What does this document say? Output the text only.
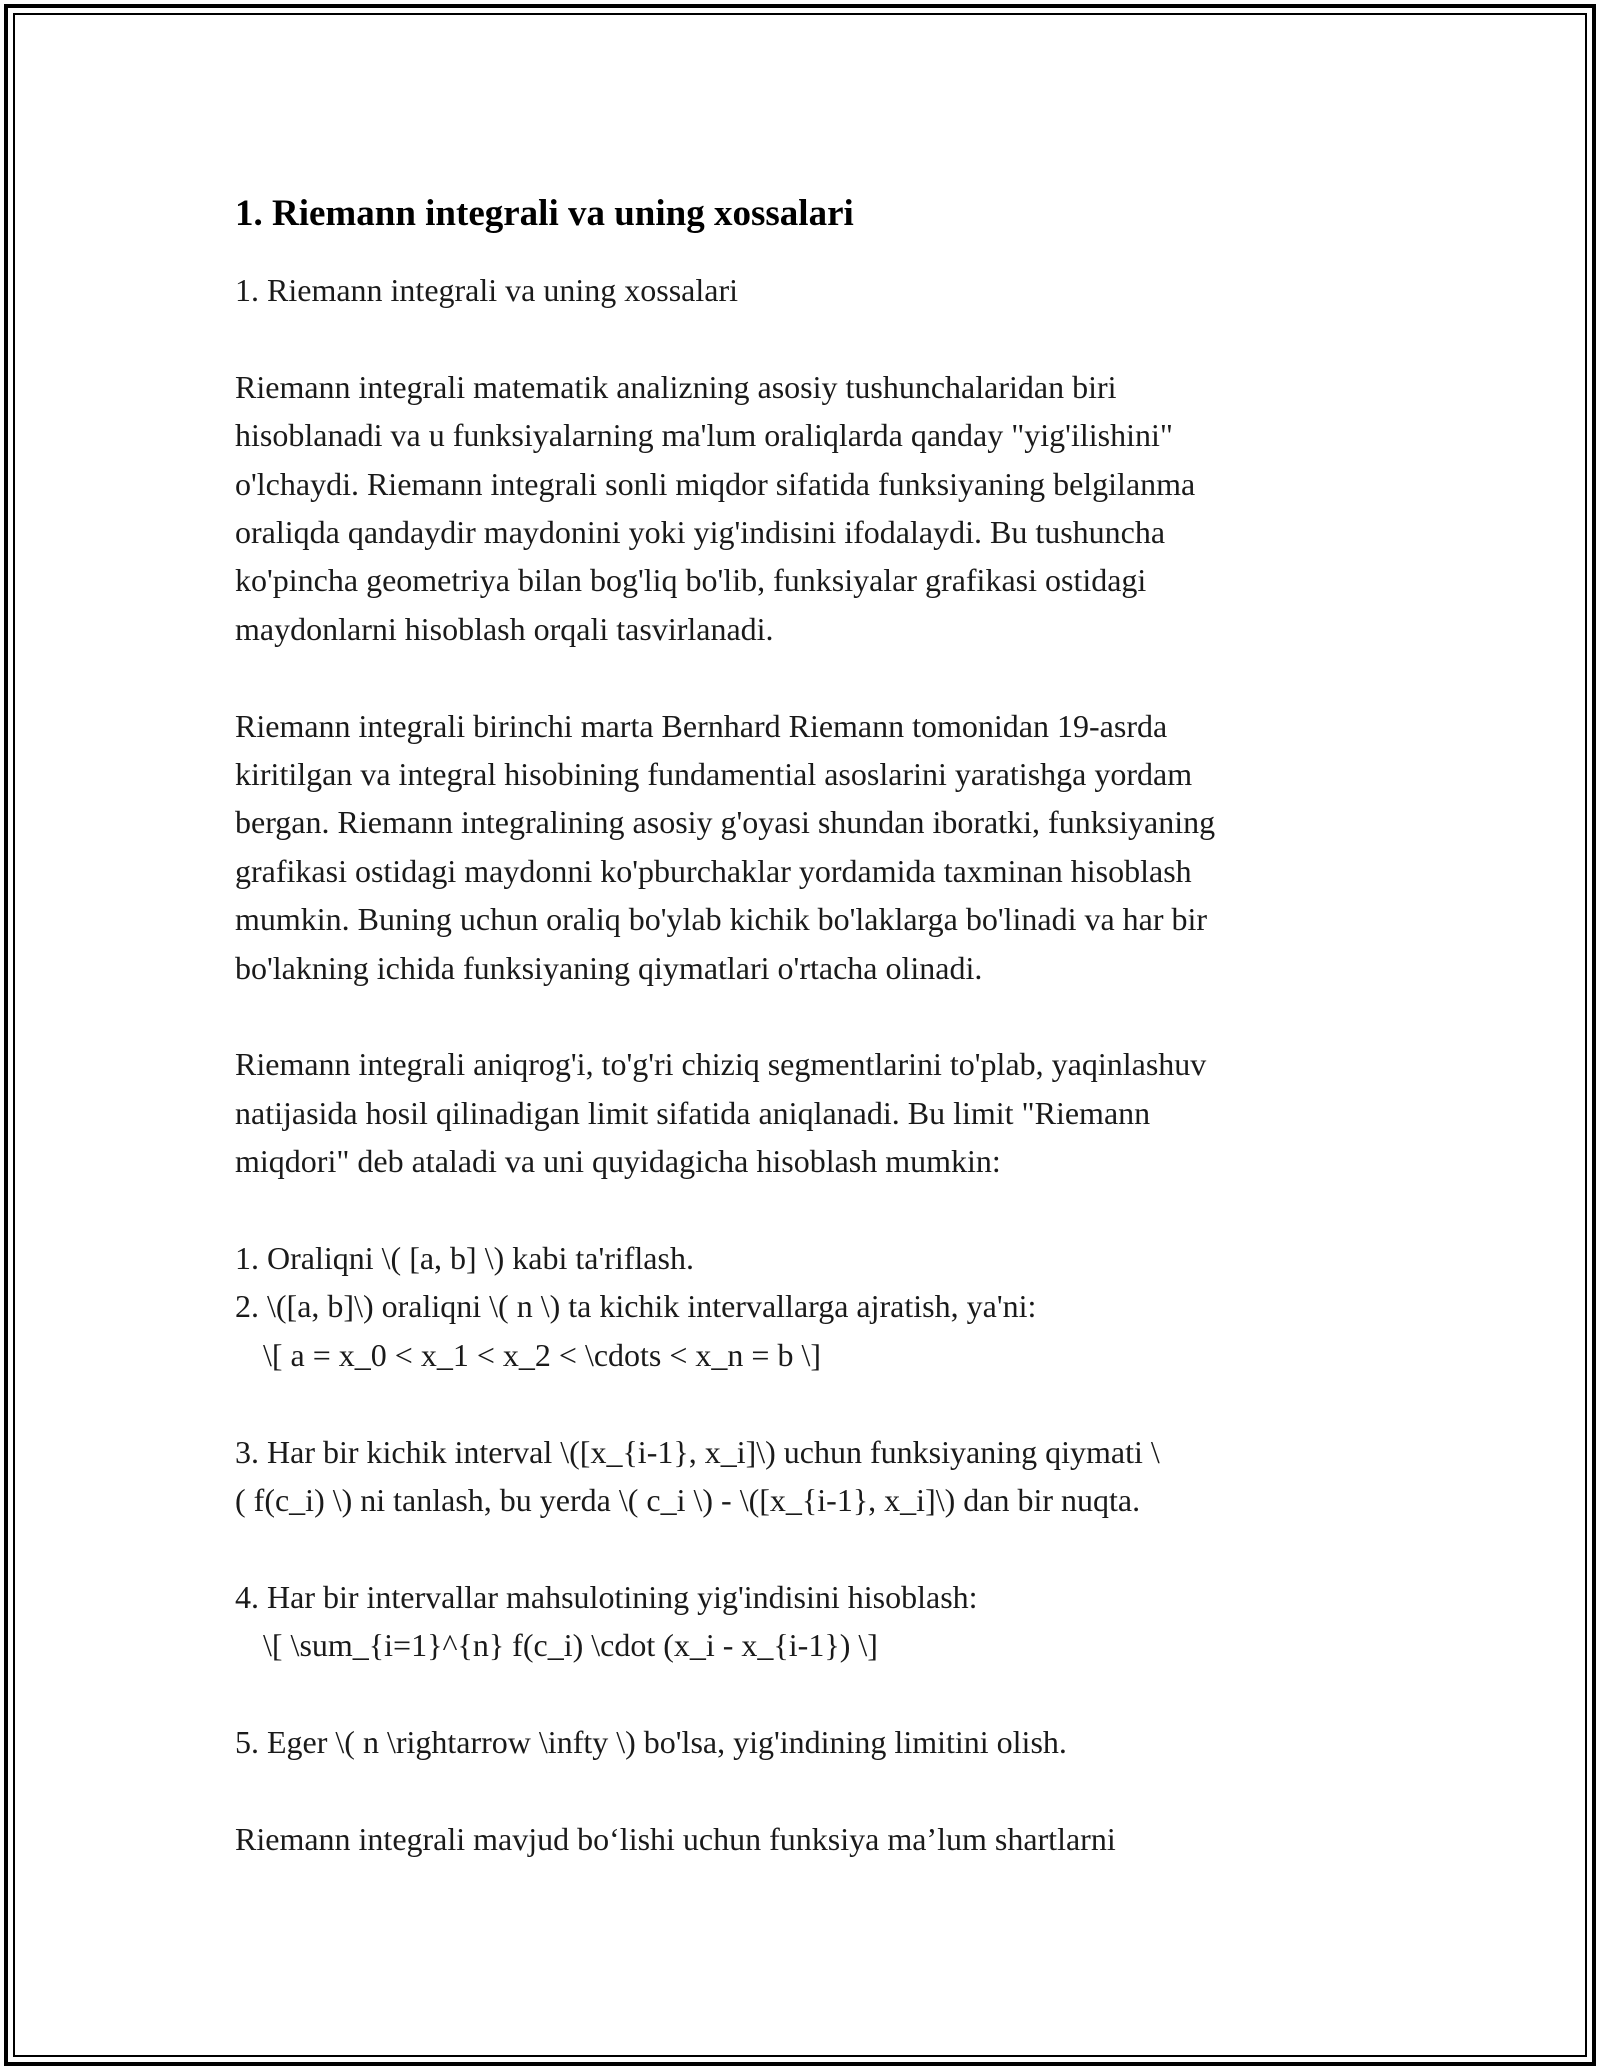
1. Riemann integrali va uning xossalari

1. Riemann integrali va uning xossalari

Riemann integrali matematik analizning asosiy tushunchalaridan biri
hisoblanadi va u funksiyalarning ma'lum oraliqlarda qanday "yig'ilishini"
o'lchaydi. Riemann integrali sonli miqdor sifatida funksiyaning belgilanma
oraliqda qandaydir maydonini yoki yig'indisini ifodalaydi. Bu tushuncha
ko'pincha geometriya bilan bog'liq bo'lib, funksiyalar grafikasi ostidagi
maydonlarni hisoblash orqali tasvirlanadi.

Riemann integrali birinchi marta Bernhard Riemann tomonidan 19-asrda
kiritilgan va integral hisobining fundamential asoslarini yaratishga yordam
bergan. Riemann integralining asosiy g'oyasi shundan iboratki, funksiyaning
grafikasi ostidagi maydonni ko'pburchaklar yordamida taxminan hisoblash
mumkin. Buning uchun oraliq bo'ylab kichik bo'laklarga bo'linadi va har bir
bo'lakning ichida funksiyaning qiymatlari o'rtacha olinadi.

Riemann integrali aniqrog'i, to'g'ri chiziq segmentlarini to'plab, yaqinlashuv
natijasida hosil qilinadigan limit sifatida aniqlanadi. Bu limit "Riemann
miqdori" deb ataladi va uni quyidagicha hisoblash mumkin:

1. Oraliqni \( [a, b] \) kabi ta'riflash.
2. \([a, b]\) oraliqni \( n \) ta kichik intervallarga ajratish, ya'ni:
\[ a = x_0 < x_1 < x_2 < \cdots < x_n = b \]

3. Har bir kichik interval \([x_{i-1}, x_i]\) uchun funksiyaning qiymati \
( f(c_i) \) ni tanlash, bu yerda \( c_i \) - \([x_{i-1}, x_i]\) dan bir nuqta.

4. Har bir intervallar mahsulotining yig'indisini hisoblash:
\[ \sum_{i=1}^{n} f(c_i) \cdot (x_i - x_{i-1}) \]

5. Eger \( n \rightarrow \infty \) bo'lsa, yig'indining limitini olish.

Riemann integrali mavjud bo‘lishi uchun funksiya ma’lum shartlarni
